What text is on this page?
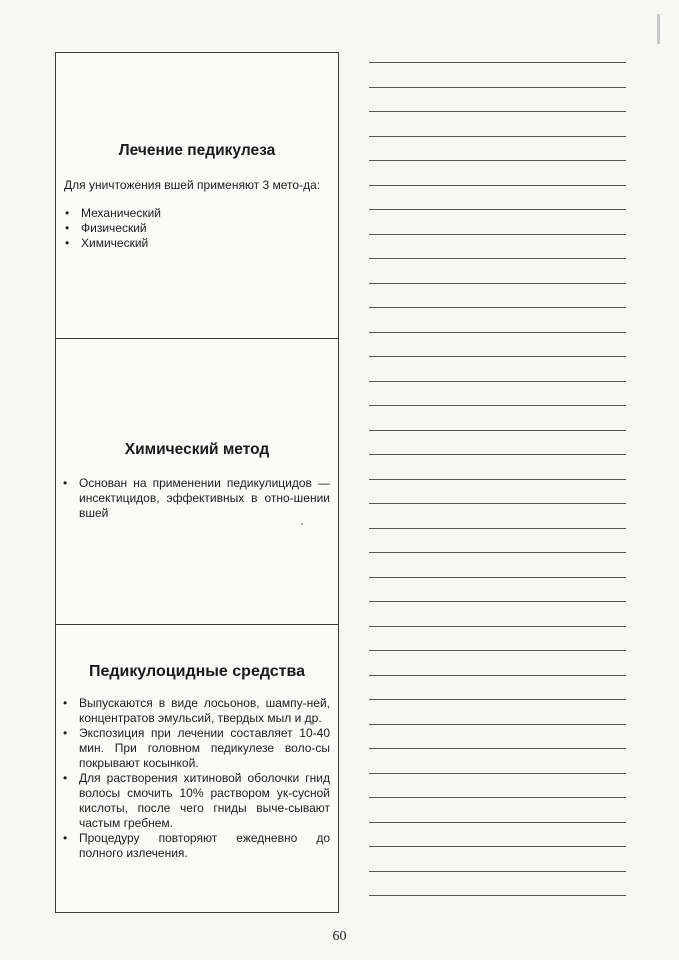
Лечение педикулеза
Для уничтожения вшей применяют 3 мето-да:
• Механический
• Физический
• Химический
Химический метод
• Основан на применении педикулицидов — инсектицидов, эффективных в отно-шении вшей
Педикулоцидные средства
• Выпускаются в виде лосьонов, шампу-ней, концентратов эмульсий, твердых мыл и др.
• Экспозиция при лечении составляет 10-40 мин. При головном педикулезе воло-сы покрывают косынкой.
• Для растворения хитиновой оболочки гнид волосы смочить 10% раствором ук-сусной кислоты, после чего гниды выче-сывают частым гребнем.
• Процедуру повторяют ежедневно до полного излечения.
60
